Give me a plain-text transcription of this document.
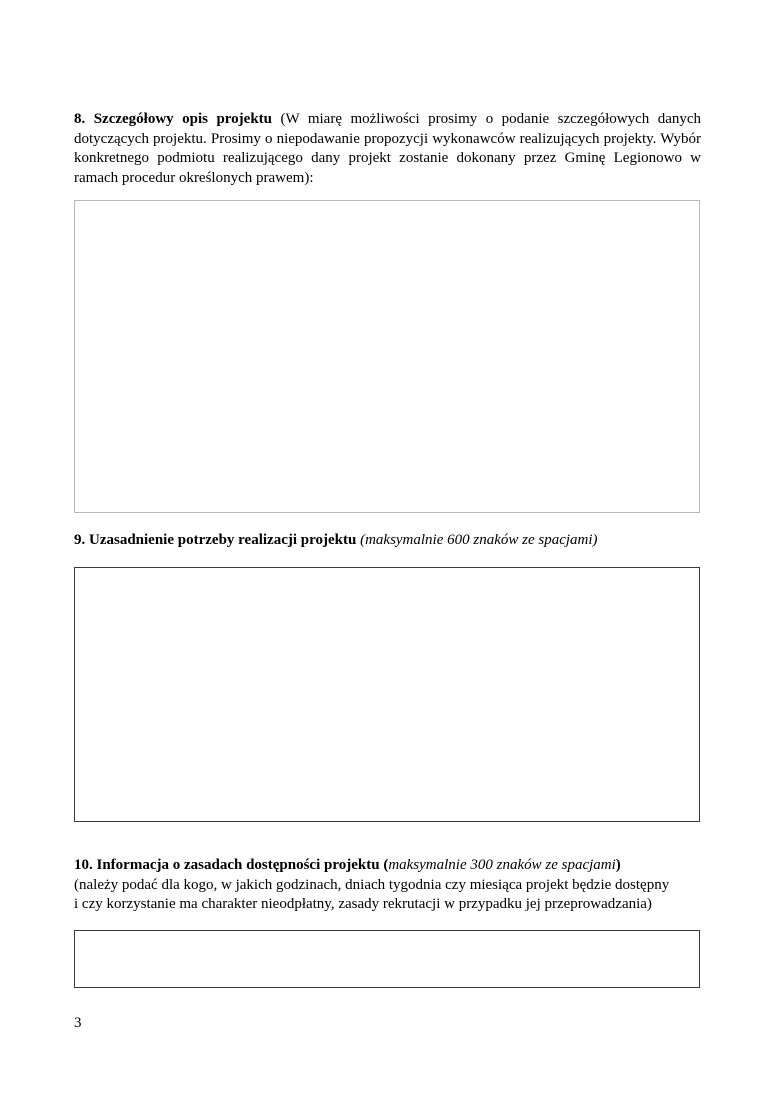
8. Szczegółowy opis projektu (W miarę możliwości prosimy o podanie szczegółowych danych dotyczących projektu. Prosimy o niepodawanie propozycji wykonawców realizujących projekty. Wybór konkretnego podmiotu realizującego dany projekt zostanie dokonany przez Gminę Legionowo w ramach procedur określonych prawem):

9. Uzasadnienie potrzeby realizacji projektu (maksymalnie 600 znaków ze spacjami)

10. Informacja o zasadach dostępności projektu (maksymalnie 300 znaków ze spacjami)
(należy podać dla kogo, w jakich godzinach, dniach tygodnia czy miesiąca projekt będzie dostępny
i czy korzystanie ma charakter nieodpłatny, zasady rekrutacji w przypadku jej przeprowadzania)

3
